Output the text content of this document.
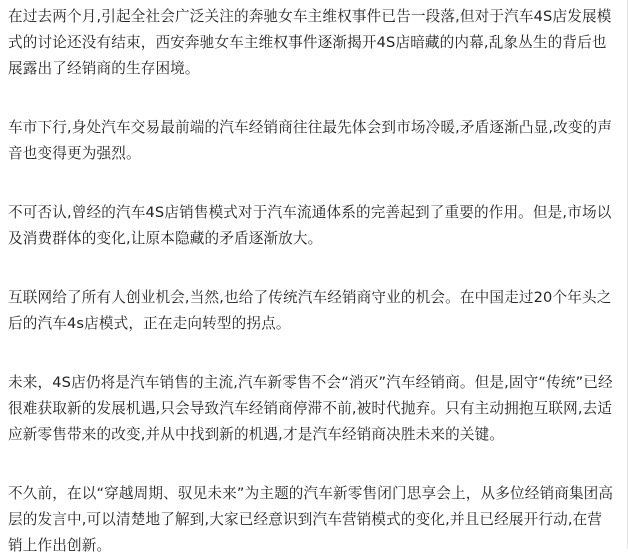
在过去两个月,引起全社会广泛关注的奔驰女车主维权事件已告一段落,但对于汽车4S店发展模式的讨论还没有结束，西安奔驰女车主维权事件逐渐揭开4S店暗藏的内幕,乱象丛生的背后也展露出了经销商的生存困境。

车市下行,身处汽车交易最前端的汽车经销商往往最先体会到市场冷暖,矛盾逐渐凸显,改变的声音也变得更为强烈。

不可否认,曾经的汽车4S店销售模式对于汽车流通体系的完善起到了重要的作用。但是,市场以及消费群体的变化,让原本隐藏的矛盾逐渐放大。

互联网给了所有人创业机会,当然,也给了传统汽车经销商守业的机会。在中国走过20个年头之后的汽车4s店模式，正在走向转型的拐点。

未来，4S店仍将是汽车销售的主流,汽车新零售不会“消灭”汽车经销商。但是,固守“传统”已经很难获取新的发展机遇,只会导致汽车经销商停滞不前,被时代抛弃。只有主动拥抱互联网,去适应新零售带来的改变,并从中找到新的机遇,才是汽车经销商决胜未来的关键。

不久前，在以“穿越周期、驭见未来”为主题的汽车新零售闭门思享会上，从多位经销商集团高层的发言中,可以清楚地了解到,大家已经意识到汽车营销模式的变化,并且已经展开行动,在营销上作出创新。
